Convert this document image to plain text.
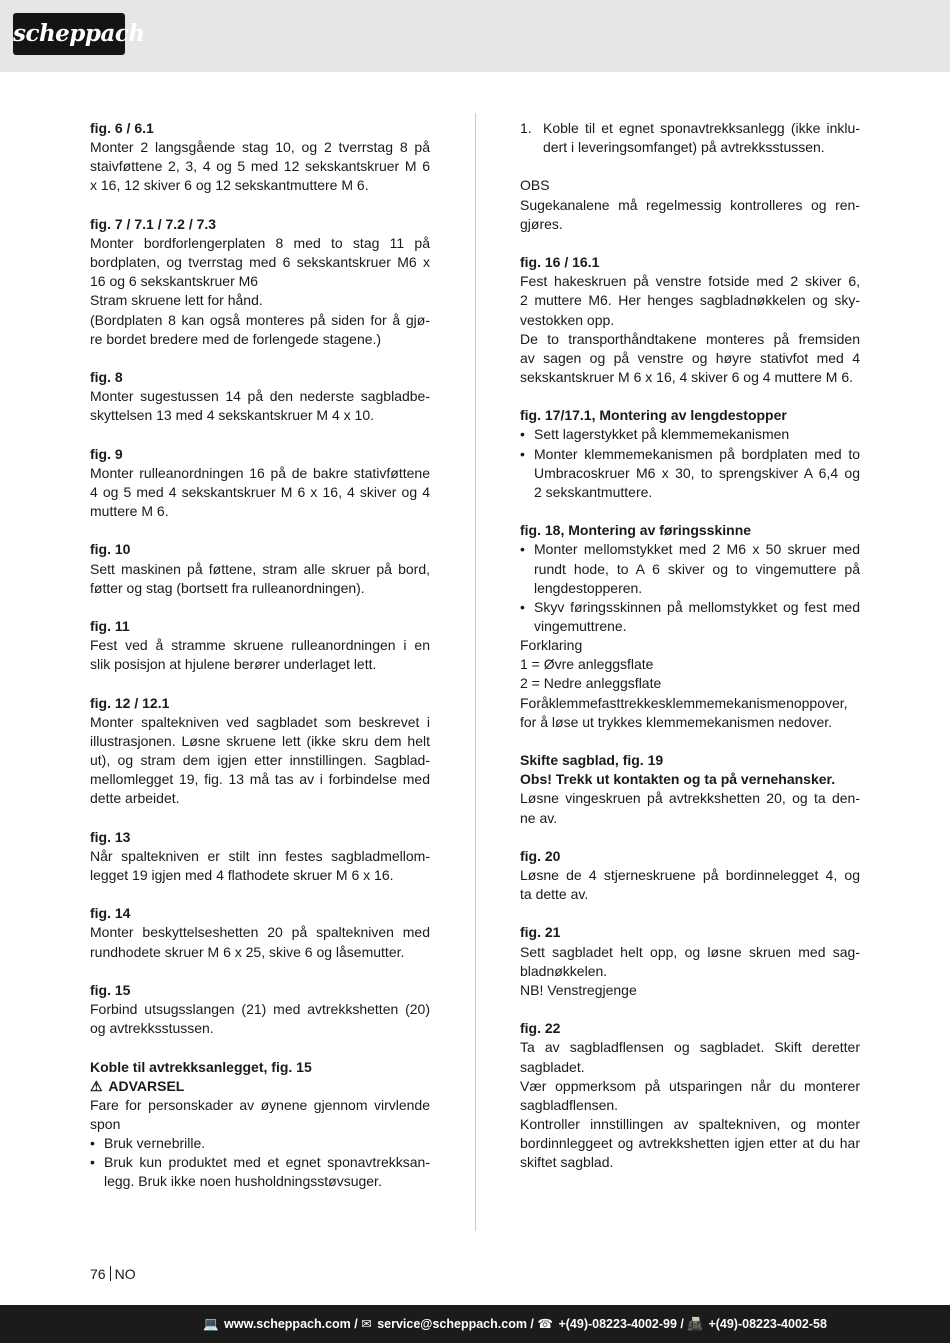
scheppach
fig. 6 / 6.1
Monter 2 langsgående stag 10, og 2 tverrstag 8 på
staivføttene 2, 3, 4 og 5 med 12 sekskantskruer M 6
x 16, 12 skiver 6 og 12 sekskantmuttere M 6.
fig. 7 / 7.1 / 7.2 / 7.3
Monter bordforlengerplaten 8 med to stag 11 på
bordplaten, og tverrstag med 6 sekskantskruer M6 x
16 og 6 sekskantskruer M6
Stram skruene lett for hånd.
(Bordplaten 8 kan også monteres på siden for å gjø-
re bordet bredere med de forlengede stagene.)
fig. 8
Monter sugestussen 14 på den nederste sagbladbe-
skyttelsen 13 med 4 sekskantskruer M 4 x 10.
fig. 9
Monter rulleanordningen 16 på de bakre stativføttene
4 og 5 med 4 sekskantskruer M 6 x 16, 4 skiver og 4
muttere M 6.
fig. 10
Sett maskinen på føttene, stram alle skruer på bord,
føtter og stag (bortsett fra rulleanordningen).
fig. 11
Fest ved å stramme skruene rulleanordningen i en
slik posisjon at hjulene berører underlaget lett.
fig. 12 / 12.1
Monter spaltekniven ved sagbladet som beskrevet i
illustrasjonen. Løsne skruene lett (ikke skru dem helt
ut), og stram dem igjen etter innstillingen. Sagblad-
mellomlegget 19, fig. 13 må tas av i forbindelse med
dette arbeidet.
fig. 13
Når spaltekniven er stilt inn festes sagbladmellom-
legget 19 igjen med 4 flathodete skruer M 6 x 16.
fig. 14
Monter beskyttelseshetten 20 på spaltekniven med
rundhodete skruer M 6 x 25, skive 6 og låsemutter.
fig. 15
Forbind utsugsslangen (21) med avtrekkshetten (20)
og avtrekksstussen.
Koble til avtrekksanlegget, fig. 15
⚠ ADVARSEL
Fare for personskader av øynene gjennom virvlende
spon
• Bruk vernebrille.
• Bruk kun produktet med et egnet sponavtrekksan-
legg. Bruk ikke noen husholdningsstøvsuger.
1. Koble til et egnet sponavtrekksanlegg (ikke inklu-
dert i leveringsomfanget) på avtrekksstussen.
OBS
Sugekanalene må regelmessig kontrolleres og ren-
gjøres.
fig. 16 / 16.1
Fest hakeskruen på venstre fotside med 2 skiver 6,
2 muttere M6. Her henges sagbladnøkkelen og sky-
vestokken opp.
De to transporthåndtakene monteres på fremsiden
av sagen og på venstre og høyre stativfot med 4
sekskantskruer M 6 x 16, 4 skiver 6 og 4 muttere M 6.
fig. 17/17.1, Montering av lengdestopper
• Sett lagerstykket på klemmemekanismen
• Monter klemmemekanismen på bordplaten med to
Umbracoskruer M6 x 30, to sprengskiver A 6,4 og
2 sekskantmuttere.
fig. 18, Montering av føringsskinne
• Monter mellomstykket med 2 M6 x 50 skruer med
rundt hode, to A 6 skiver og to vingemuttere på
lengdestopperen.
• Skyv føringsskinnen på mellomstykket og fest med
vingemuttrene.
Forklaring
1 = Øvre anleggsflate
2 = Nedre anleggsflate
Foråklemmefasttrekkesklemmemekanismenoppover,
for å løse ut trykkes klemmemekanismen nedover.
Skifte sagblad, fig. 19
Obs! Trekk ut kontakten og ta på vernehansker.
Løsne vingeskruen på avtrekkshetten 20, og ta den-
ne av.
fig. 20
Løsne de 4 stjerneskruene på bordinnelegget 4, og
ta dette av.
fig. 21
Sett sagbladet helt opp, og løsne skruen med sag-
bladnøkkelen.
NB! Venstregjenge
fig. 22
Ta av sagbladflensen og sagbladet. Skift deretter
sagbladet.
Vær oppmerksom på utsparingen når du monterer
sagbladflensen.
Kontroller innstillingen av spaltekniven, og monter
bordinnleggeet og avtrekkshetten igjen etter at du har
skiftet sagblad.
76 NO
💻 www.scheppach.com / ✉ service@scheppach.com / ☎ +(49)-08223-4002-99 / 📠 +(49)-08223-4002-58
